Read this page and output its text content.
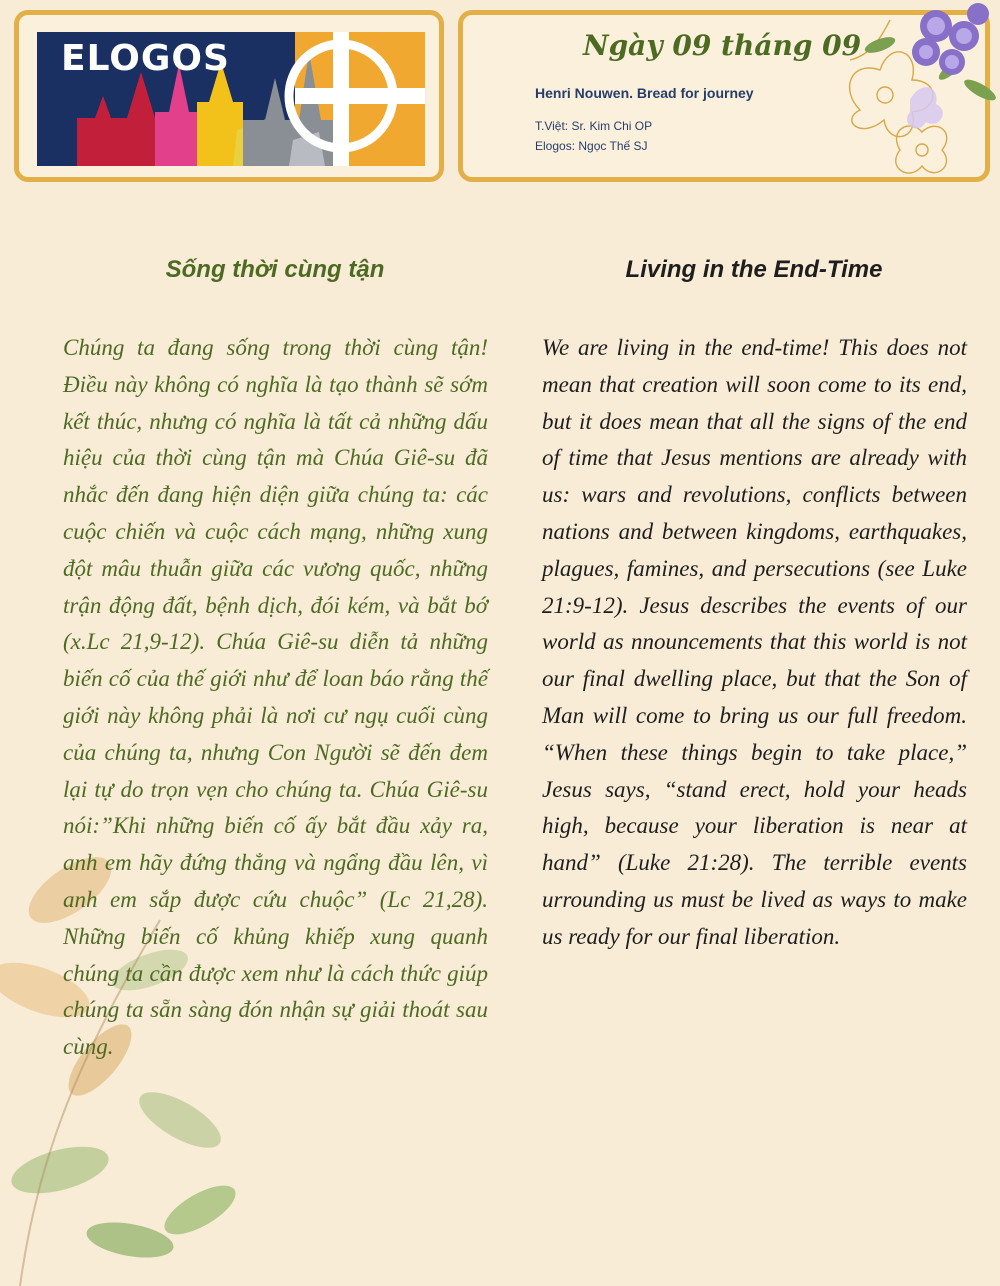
ELOGOS	Ngày 09 tháng 09
Henri Nouwen. Bread for journey
T.Việt: Sr. Kim Chi OP
Elogos: Ngọc Thế SJ
Sống thời cùng tận	Living in the End-Time

Chúng ta đang sống trong thời cùng tận! Điều này không có nghĩa là tạo thành sẽ sớm kết thúc, nhưng có nghĩa là tất cả những dấu hiệu của thời cùng tận mà Chúa Giê-su đã nhắc đến đang hiện diện giữa chúng ta: các cuộc chiến và cuộc cách mạng, những xung đột mâu thuẫn giữa các vương quốc, những trận động đất, bệnh dịch, đói kém, và bắt bớ (x.Lc 21,9-12). Chúa Giê-su diễn tả những biến cố của thế giới như để loan báo rằng thế giới này không phải là nơi cư ngụ cuối cùng của chúng ta, nhưng Con Người sẽ đến đem lại tự do trọn vẹn cho chúng ta. Chúa Giê-su nói:”Khi những biến cố ấy bắt đầu xảy ra, anh em hãy đứng thẳng và ngẩng đầu lên, vì anh em sắp được cứu chuộc” (Lc 21,28). Những biến cố khủng khiếp xung quanh chúng ta cần được xem như là cách thức giúp chúng ta sẵn sàng đón nhận sự giải thoát sau cùng.

We are living in the end-time! This does not mean that creation will soon come to its end, but it does mean that all the signs of the end of time that Jesus mentions are already with us: wars and revolutions, conflicts between nations and between kingdoms, earthquakes, plagues, famines, and persecutions (see Luke 21:9-12). Jesus describes the events of our world as nnouncements that this world is not our final dwelling place, but that the Son of Man will come to bring us our full freedom. “When these things begin to take place,” Jesus says, “stand erect, hold your heads high, because your liberation is near at hand” (Luke 21:28). The terrible events urrounding us must be lived as ways to make us ready for our final liberation.
